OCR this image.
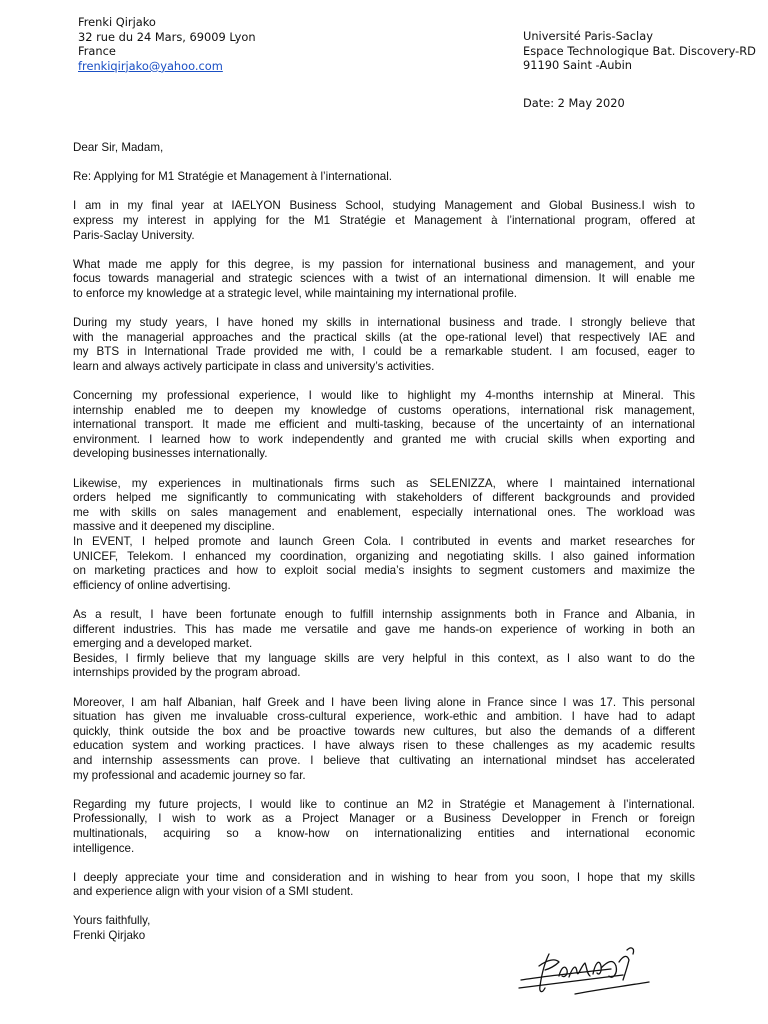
Frenki Qirjako
32 rue du 24 Mars, 69009 Lyon
France
frenkiqirjako@yahoo.com
Université Paris-Saclay
Espace Technologique Bat. Discovery-RD
91190 Saint -Aubin
Date: 2 May 2020
Dear Sir, Madam,
Re: Applying for M1 Stratégie et Management à l’international.
I am in my final year at IAELYON Business School, studying Management and Global Business.I wish to
express my interest in applying for the M1 Stratégie et Management à l’international program, offered at
Paris-Saclay University.
What made me apply for this degree, is my passion for international business and management, and your
focus towards managerial and strategic sciences with a twist of an international dimension. It will enable me
to enforce my knowledge at a strategic level, while maintaining my international profile.
During my study years, I have honed my skills in international business and trade. I strongly believe that
with the managerial approaches and the practical skills (at the ope-rational level) that respectively IAE and
my BTS in International Trade provided me with, I could be a remarkable student. I am focused, eager to
learn and always actively participate in class and university’s activities.
Concerning my professional experience, I would like to highlight my 4-months internship at Mineral. This
internship enabled me to deepen my knowledge of customs operations, international risk management,
international transport. It made me efficient and multi-tasking, because of the uncertainty of an international
environment. I learned how to work independently and granted me with crucial skills when exporting and
developing businesses internationally.
Likewise, my experiences in multinationals firms such as SELENIZZA, where I maintained international
orders helped me significantly to communicating with stakeholders of different backgrounds and provided
me with skills on sales management and enablement, especially international ones. The workload was
massive and it deepened my discipline.
In EVENT, I helped promote and launch Green Cola. I contributed in events and market researches for
UNICEF, Telekom. I enhanced my coordination, organizing and negotiating skills. I also gained information
on marketing practices and how to exploit social media’s insights to segment customers and maximize the
efficiency of online advertising.
As a result, I have been fortunate enough to fulfill internship assignments both in France and Albania, in
different industries. This has made me versatile and gave me hands-on experience of working in both an
emerging and a developed market.
Besides, I firmly believe that my language skills are very helpful in this context, as I also want to do the
internships provided by the program abroad.
Moreover, I am half Albanian, half Greek and I have been living alone in France since I was 17. This personal
situation has given me invaluable cross-cultural experience, work-ethic and ambition. I have had to adapt
quickly, think outside the box and be proactive towards new cultures, but also the demands of a different
education system and working practices. I have always risen to these challenges as my academic results
and internship assessments can prove. I believe that cultivating an international mindset has accelerated
my professional and academic journey so far.
Regarding my future projects, I would like to continue an M2 in Stratégie et Management à l’international.
Professionally, I wish to work as a Project Manager or a Business Developper in French or foreign
multinationals, acquiring so a know-how on internationalizing entities and international economic
intelligence.
I deeply appreciate your time and consideration and in wishing to hear from you soon, I hope that my skills
and experience align with your vision of a SMI student.
Yours faithfully,
Frenki Qirjako
